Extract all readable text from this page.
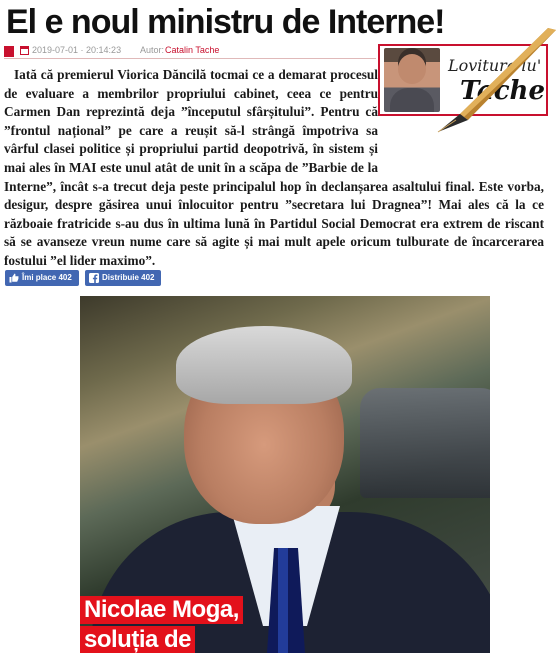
El e noul ministru de Interne!
2019-07-01 · 20:14:23 Autor: Catalin Tache
Lovitura lu'
Tache

Iată că premierul Viorica Dăncilă tocmai ce a demarat procesul de evaluare a membrilor propriului cabinet, ceea ce pentru Carmen Dan reprezintă deja ”începutul sfârșitului”. Pentru că ”frontul național” pe care a reușit să-l strângă împotriva sa vârful clasei politice și propriului partid deopotrivă, în sistem și mai ales în MAI este unul atât de unit în a scăpa de ”Barbie de la Interne”, încât s-a trecut deja peste principalul hop în declanșarea asaltului final. Este vorba, desigur, despre găsirea unui înlocuitor pentru ”secretara lui Dragnea”! Mai ales că la ce războaie fratricide s-au dus în ultima lună în Partidul Social Democrat era extrem de riscant să se avanseze vreun nume care să agite și mai mult apele oricum tulburate de încarcerarea fostului ”el lider maximo”.

Îmi place 402	Distribuie 402
Nicolae Moga,
soluția de
